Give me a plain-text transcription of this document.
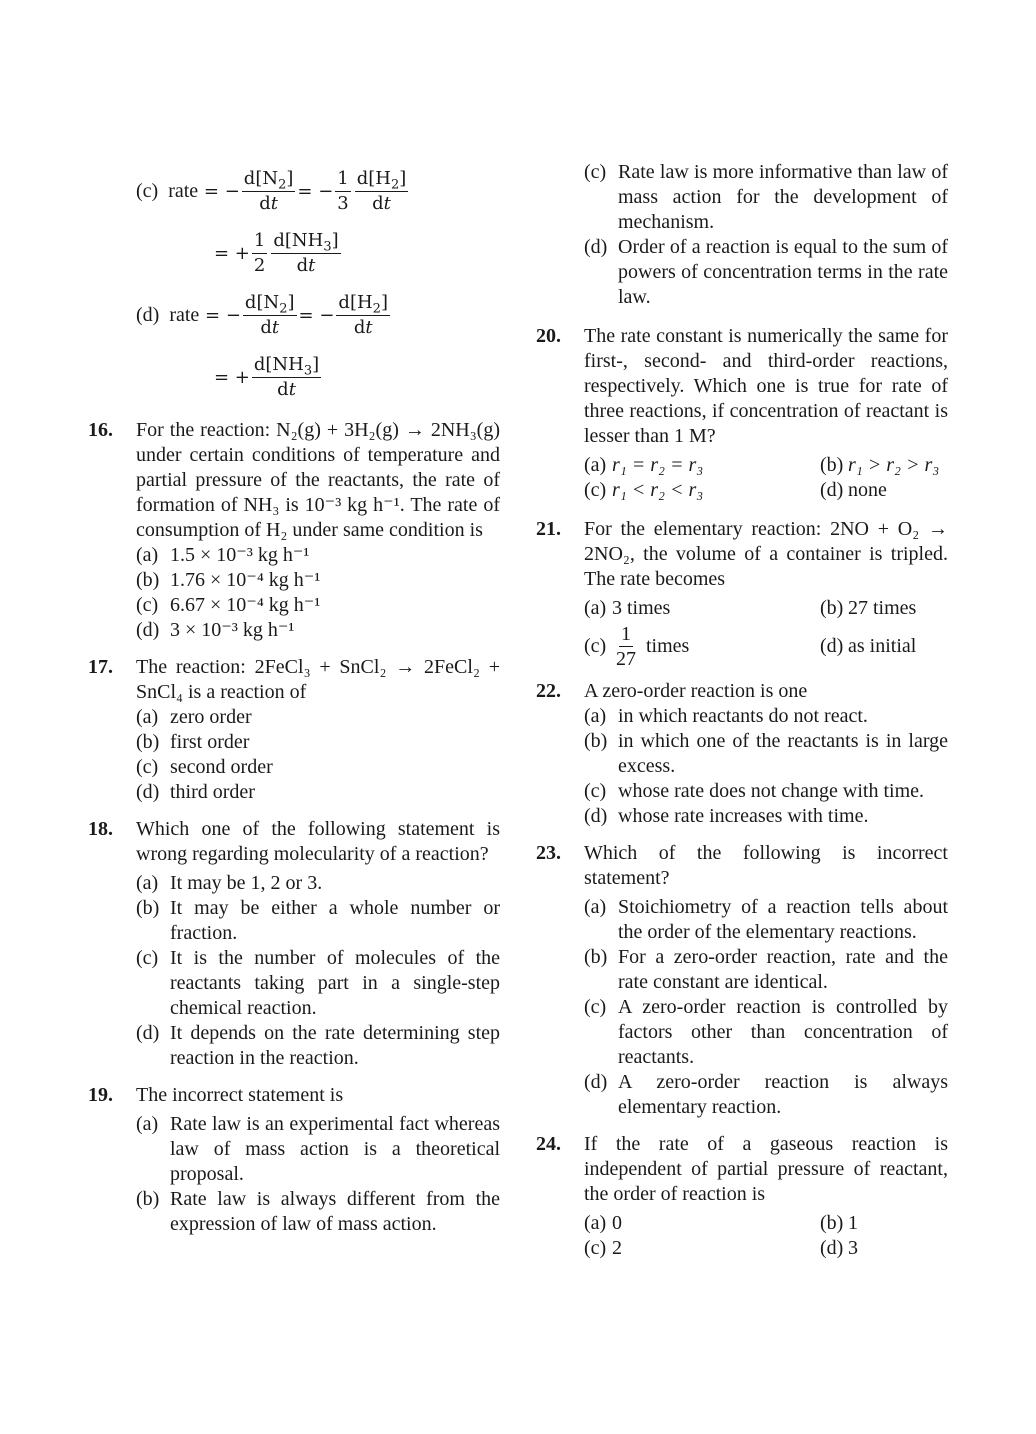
(c) rate = − $\frac{d[N_2]}{dt}$ = − $\frac{1}{3} \frac{d[H_2]}{dt}$
= + $\frac{1}{2} \frac{d[NH_3]}{dt}$
(d) rate = − $\frac{d[N_2]}{dt}$ = − $\frac{d[H_2]}{dt}$
= + $\frac{d[NH_3]}{dt}$
16. For the reaction: N₂(g) + 3H₂(g) → 2NH₃(g) under certain conditions of temperature and partial pressure of the reactants, the rate of formation of NH₃ is 10⁻³ kg h⁻¹. The rate of consumption of H₂ under same condition is
(a) 1.5 × 10⁻³ kg h⁻¹
(b) 1.76 × 10⁻⁴ kg h⁻¹
(c) 6.67 × 10⁻⁴ kg h⁻¹
(d) 3 × 10⁻³ kg h⁻¹
17. The reaction: 2FeCl₃ + SnCl₂ → 2FeCl₂ + SnCl₄ is a reaction of
(a) zero order
(b) first order
(c) second order
(d) third order
18. Which one of the following statement is wrong regarding molecularity of a reaction?
(a) It may be 1, 2 or 3.
(b) It may be either a whole number or fraction.
(c) It is the number of molecules of the reactants taking part in a single-step chemical reaction.
(d) It depends on the rate determining step reaction in the reaction.
19. The incorrect statement is
(a) Rate law is an experimental fact whereas law of mass action is a theoretical proposal.
(b) Rate law is always different from the expression of law of mass action.
(c) Rate law is more informative than law of mass action for the development of mechanism.
(d) Order of a reaction is equal to the sum of powers of concentration terms in the rate law.
20. The rate constant is numerically the same for first-, second- and third-order reactions, respectively. Which one is true for rate of three reactions, if concentration of reactant is lesser than 1 M?
(a) r₁ = r₂ = r₃	(b) r₁ > r₂ > r₃
(c) r₁ < r₂ < r₃	(d) none
21. For the elementary reaction: 2NO + O₂ → 2NO₂, the volume of a container is tripled. The rate becomes
(a) 3 times	(b) 27 times
$(c) \frac{1}{27}$ times	(d) as initial
22. A zero-order reaction is one
(a) in which reactants do not react.
(b) in which one of the reactants is in large excess.
(c) whose rate does not change with time.
(d) whose rate increases with time.
23. Which of the following is incorrect statement?
(a) Stoichiometry of a reaction tells about the order of the elementary reactions.
(b) For a zero-order reaction, rate and the rate constant are identical.
(c) A zero-order reaction is controlled by factors other than concentration of reactants.
(d) A zero-order reaction is always elementary reaction.
24. If the rate of a gaseous reaction is independent of partial pressure of reactant, the order of reaction is
(a) 0	(b) 1
(c) 2	(d) 3
